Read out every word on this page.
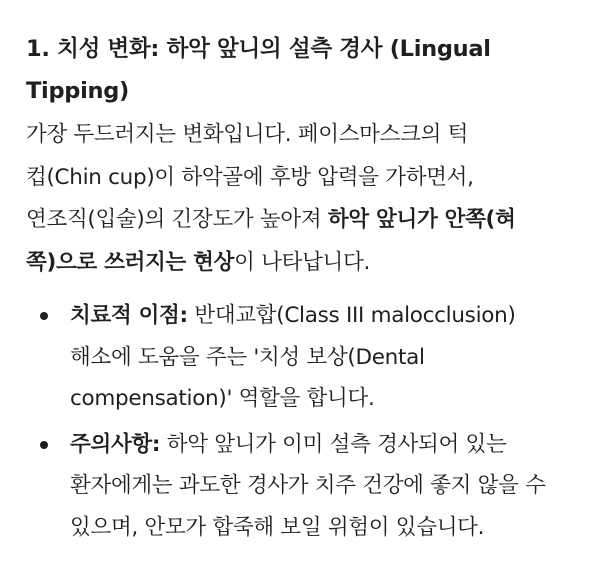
1. 치성 변화: 하악 앞니의 설측 경사 (Lingual
Tipping)

가장 두드러지는 변화입니다. 페이스마스크의 턱
컵(Chin cup)이 하악골에 후방 압력을 가하면서,
연조직(입술)의 긴장도가 높아져 하악 앞니가 안쪽(혀
쪽)으로 쓰러지는 현상이 나타납니다.

치료적 이점: 반대교합(Class III malocclusion)
해소에 도움을 주는 '치성 보상(Dental
compensation)' 역할을 합니다.
주의사항: 하악 앞니가 이미 설측 경사되어 있는
환자에게는 과도한 경사가 치주 건강에 좋지 않을 수
있으며, 안모가 합죽해 보일 위험이 있습니다.
